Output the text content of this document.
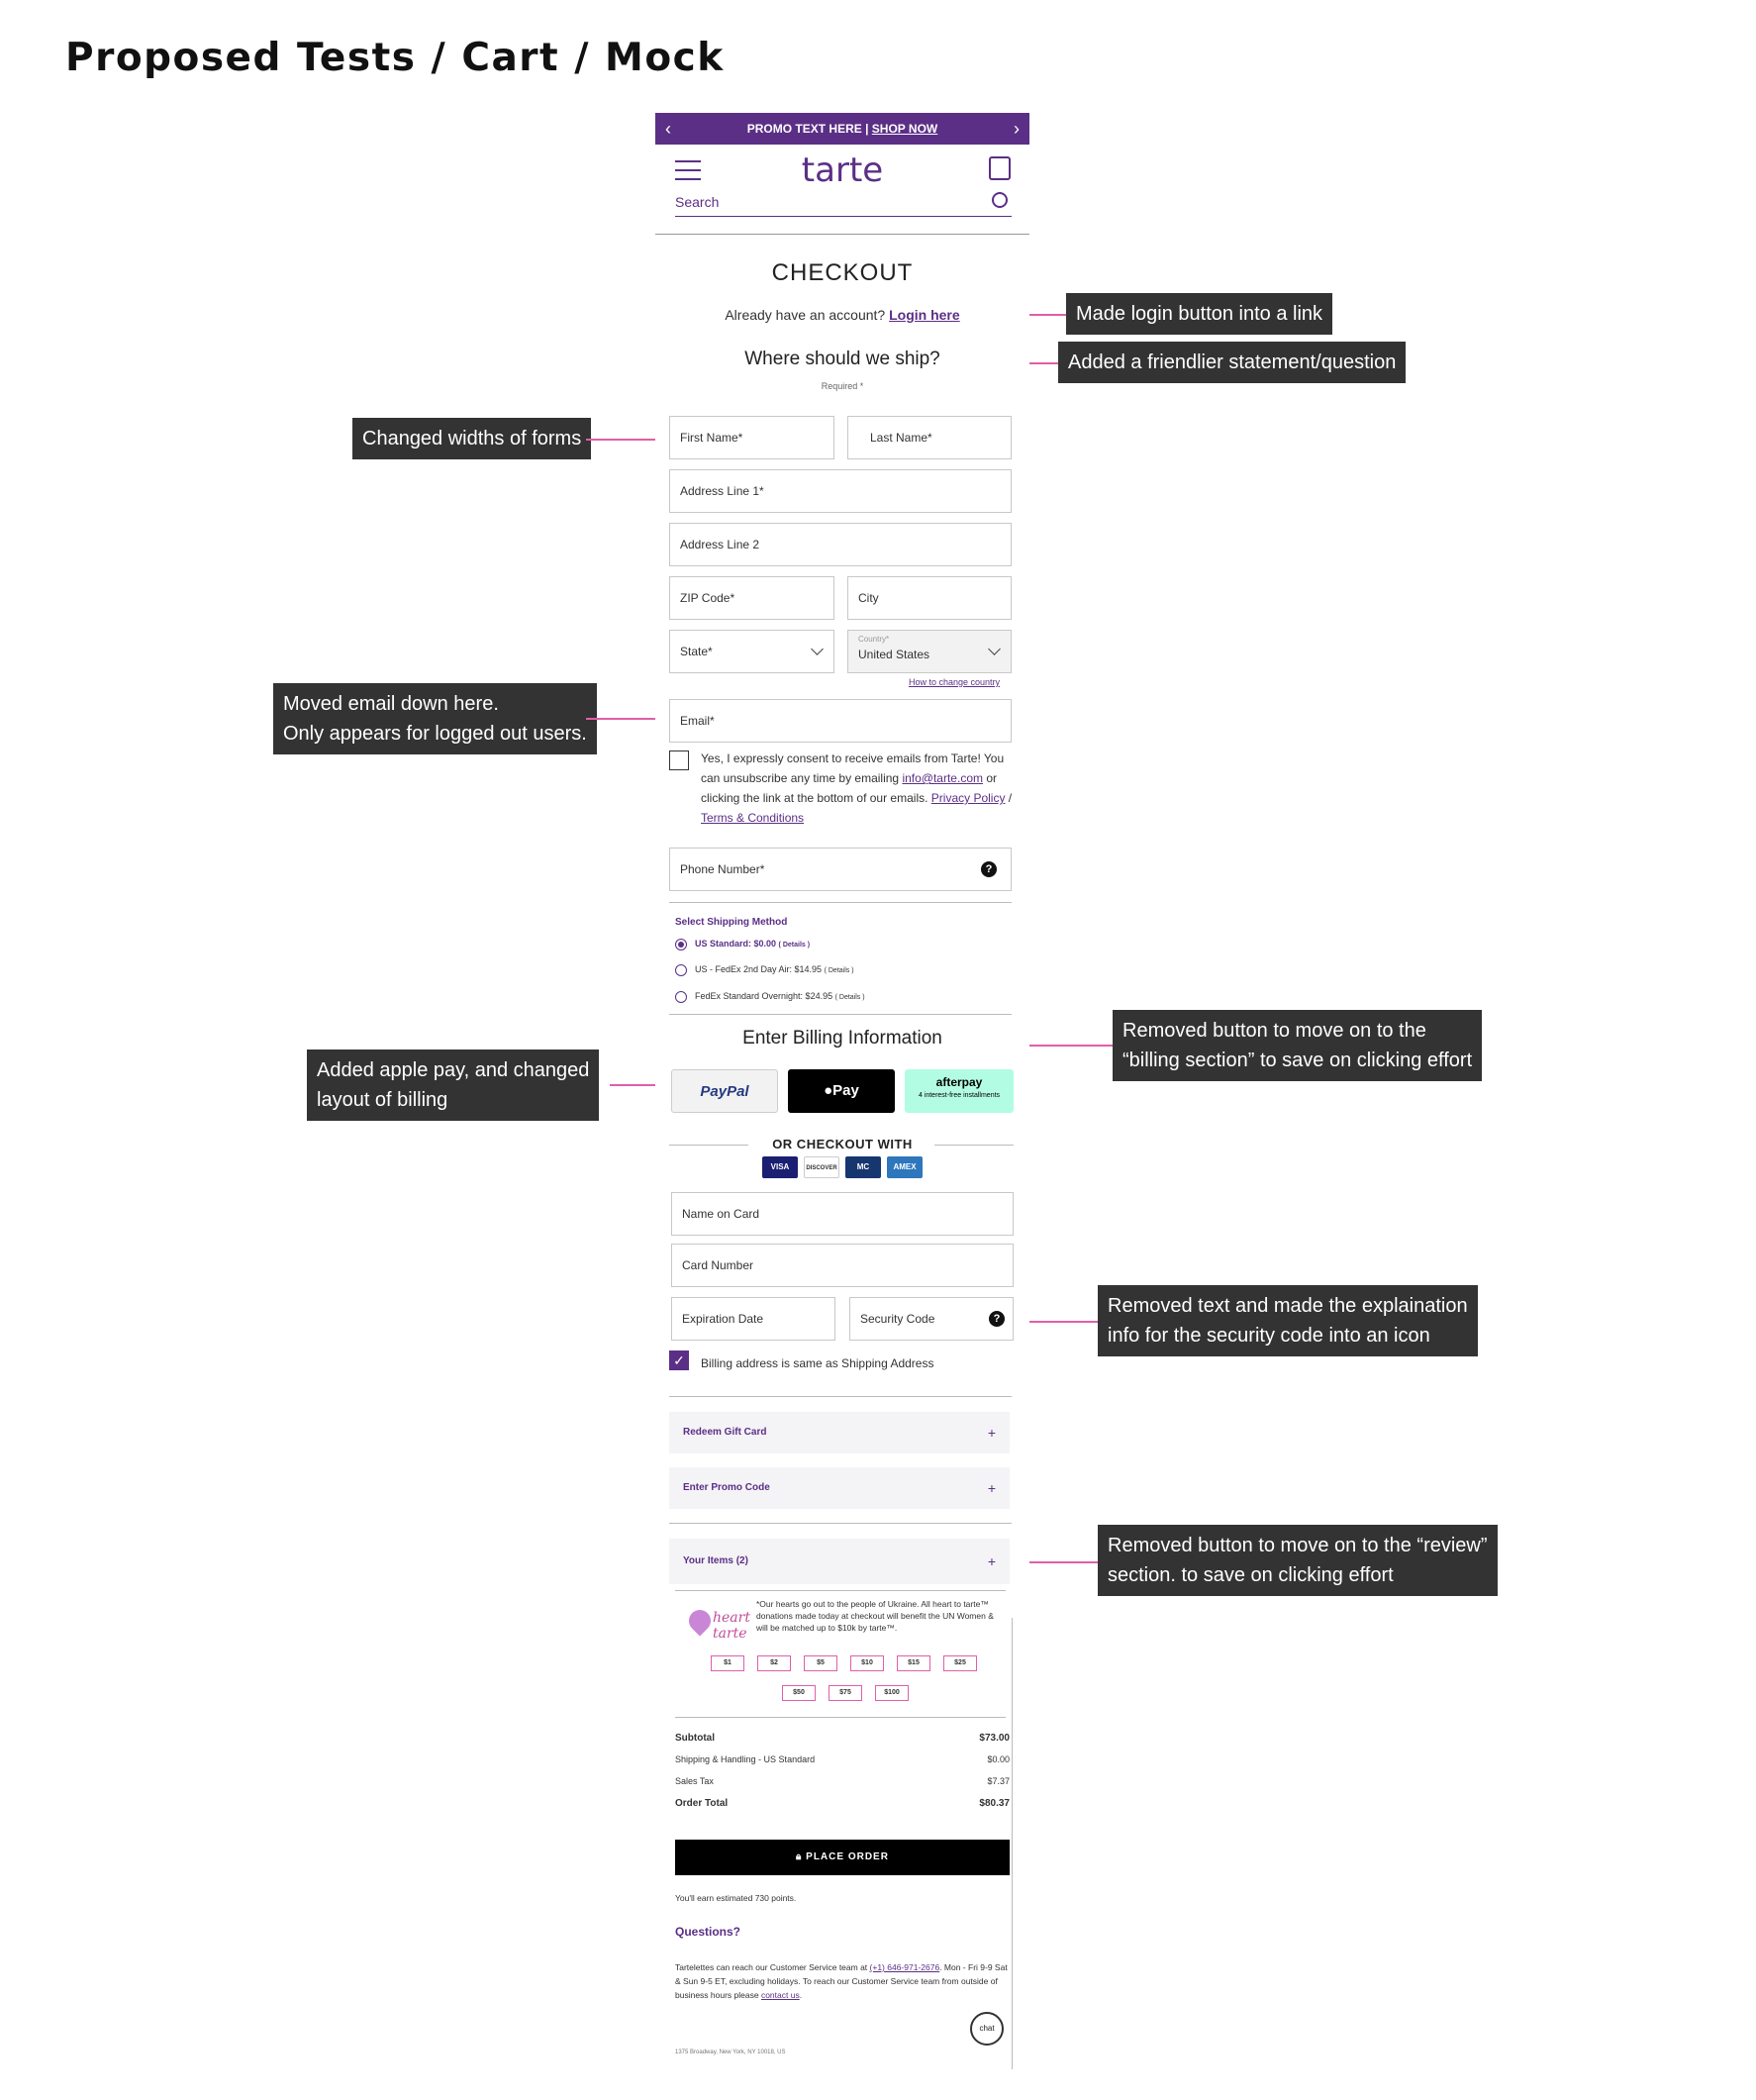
Proposed Tests / Cart / Mock
Made login button into a link
Added a friendlier statement/question
Changed widths of forms
Moved email down here.
Only appears for logged out users.
Removed button to move on to the
“billing section” to save on clicking effort
Added apple pay, and changed
layout of billing
Removed text and made the explaination
info for the security code into an icon
Removed button to move on to the “review”
section. to save on clicking effort
‹	PROMO TEXT HERE | SHOP NOW	›
tarte
Search
CHECKOUT
Already have an account? Login here
Where should we ship?
Required *
First Name*	Last Name*
Address Line 1*
Address Line 2
ZIP Code*	City
State*
Country*
United States
How to change country
Email*
Yes, I expressly consent to receive emails from Tarte! You can unsubscribe any time by emailing info@tarte.com or clicking the link at the bottom of our emails. Privacy Policy / Terms & Conditions
Phone Number*	?
Select Shipping Method
US Standard: $0.00 ( Details )
US - FedEx 2nd Day Air: $14.95 ( Details )
FedEx Standard Overnight: $24.95 ( Details )
Enter Billing Information
PayPal	●Pay	afterpay
4 interest-free installments
OR CHECKOUT WITH
VISA	DISCOVER	MC	AMEX
Name on Card
Card Number
Expiration Date	Security Code	?
✓	Billing address is same as Shipping Address
Redeem Gift Card	+
Enter Promo Code	+
Your Items (2)	+
heart tarte
*Our hearts go out to the people of Ukraine. All heart to tarte™ donations made today at checkout will benefit the UN Women & will be matched up to $10k by tarte™.
$1	$2	$5	$10	$15	$25
$50	$75	$100
Subtotal	$73.00
Shipping & Handling - US Standard	$0.00
Sales Tax	$7.37
Order Total	$80.37
🔒︎ PLACE ORDER
You'll earn estimated 730 points.
Questions?
Tartelettes can reach our Customer Service team at (+1) 646-971-2676. Mon - Fri 9-9 Sat & Sun 9-5 ET, excluding holidays. To reach our Customer Service team from outside of business hours please contact us.
chat
1375 Broadway, New York, NY 10018, US
